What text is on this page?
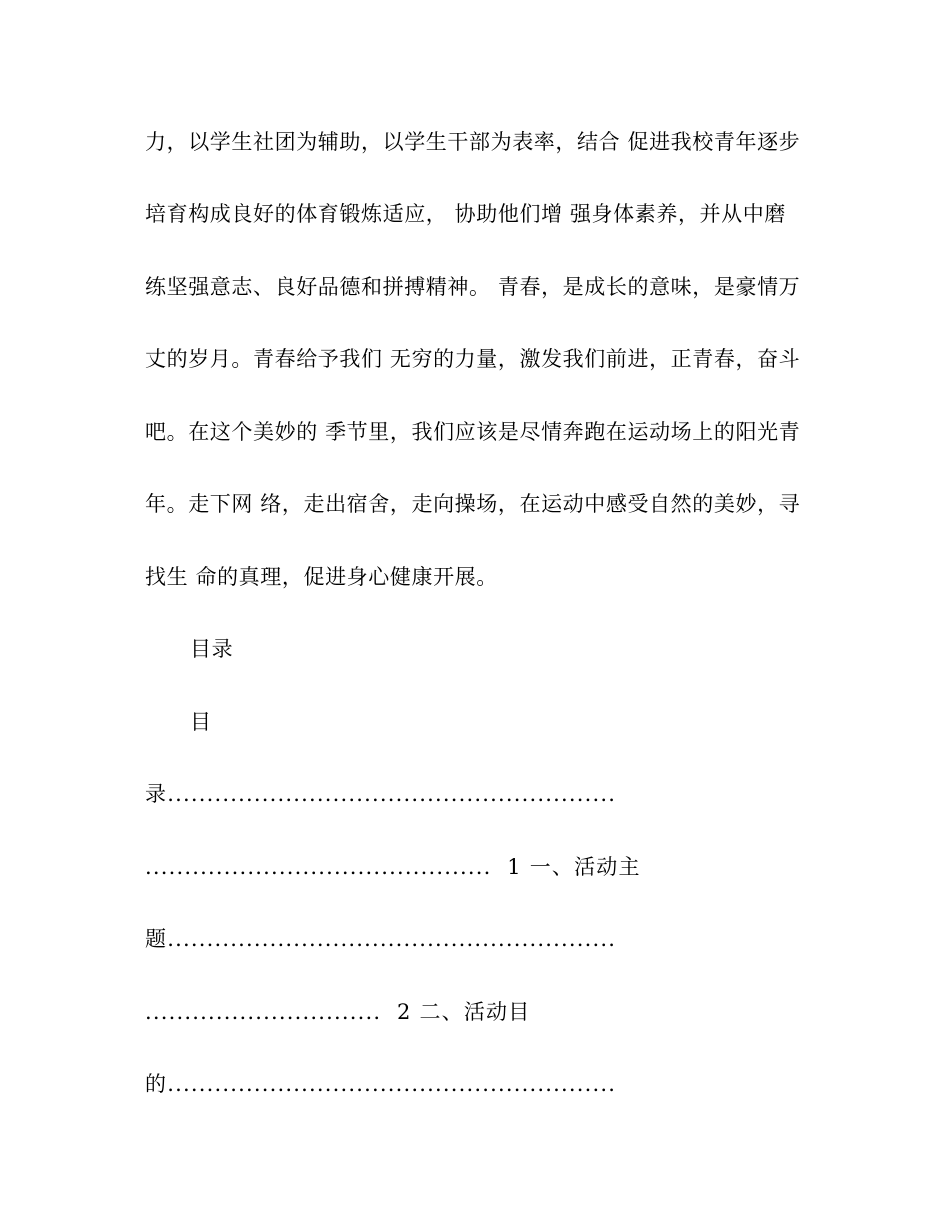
力，以学生社团为辅助，以学生干部为表率，结合 促进我校青年逐步
培育构成良好的体育锻炼适应， 协助他们增 强身体素养，并从中磨
练坚强意志、良好品德和拼搏精神。 青春，是成长的意味，是豪情万
丈的岁月。青春给予我们 无穷的力量，激发我们前进，正青春，奋斗
吧。在这个美妙的 季节里，我们应该是尽情奔跑在运动场上的阳光青
年。走下网 络，走出宿舍，走向操场，在运动中感受自然的美妙，寻
找生 命的真理，促进身心健康开展。
目录
目
录.........................................................
............................................  1 一、活动主
题.........................................................
..............................  2 二、活动目
的.........................................................
